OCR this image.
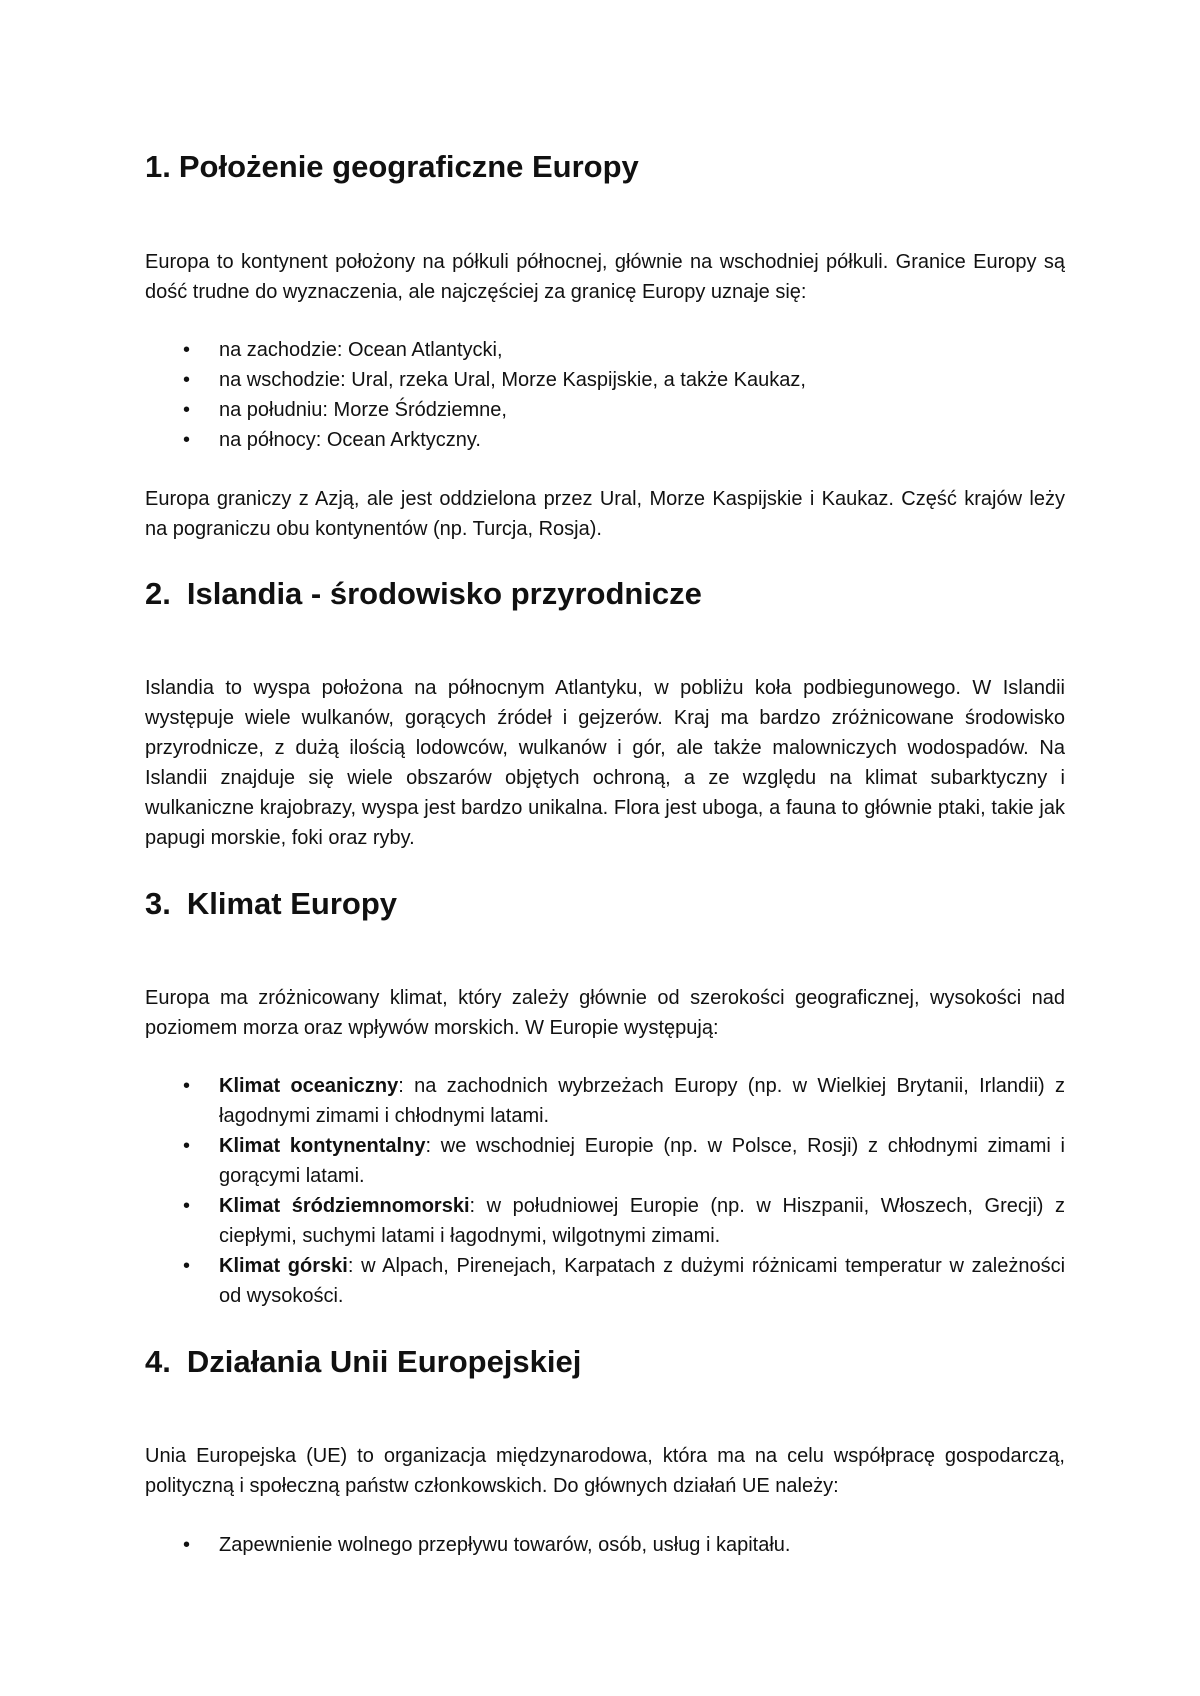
1. Położenie geograficzne Europy

Europa to kontynent położony na półkuli północnej, głównie na wschodniej półkuli. Granice Europy są dość trudne do wyznaczenia, ale najczęściej za granicę Europy uznaje się:

• na zachodzie: Ocean Atlantycki,
• na wschodzie: Ural, rzeka Ural, Morze Kaspijskie, a także Kaukaz,
• na południu: Morze Śródziemne,
• na północy: Ocean Arktyczny.

Europa graniczy z Azją, ale jest oddzielona przez Ural, Morze Kaspijskie i Kaukaz. Część krajów leży na pograniczu obu kontynentów (np. Turcja, Rosja).

2. Islandia - środowisko przyrodnicze

Islandia to wyspa położona na północnym Atlantyku, w pobliżu koła podbiegunowego. W Islandii występuje wiele wulkanów, gorących źródeł i gejzerów. Kraj ma bardzo zróżnicowane środowisko przyrodnicze, z dużą ilością lodowców, wulkanów i gór, ale także malowniczych wodospadów. Na Islandii znajduje się wiele obszarów objętych ochroną, a ze względu na klimat subarktyczny i wulkaniczne krajobrazy, wyspa jest bardzo unikalna. Flora jest uboga, a fauna to głównie ptaki, takie jak papugi morskie, foki oraz ryby.

3. Klimat Europy

Europa ma zróżnicowany klimat, który zależy głównie od szerokości geograficznej, wysokości nad poziomem morza oraz wpływów morskich. W Europie występują:

• Klimat oceaniczny: na zachodnich wybrzeżach Europy (np. w Wielkiej Brytanii, Irlandii) z łagodnymi zimami i chłodnymi latami.
• Klimat kontynentalny: we wschodniej Europie (np. w Polsce, Rosji) z chłodnymi zimami i gorącymi latami.
• Klimat śródziemnomorski: w południowej Europie (np. w Hiszpanii, Włoszech, Grecji) z ciepłymi, suchymi latami i łagodnymi, wilgotnymi zimami.
• Klimat górski: w Alpach, Pirenejach, Karpatach z dużymi różnicami temperatur w zależności od wysokości.
4. Działania Unii Europejskiej

Unia Europejska (UE) to organizacja międzynarodowa, która ma na celu współpracę gospodarczą, polityczną i społeczną państw członkowskich. Do głównych działań UE należy:

• Zapewnienie wolnego przepływu towarów, osób, usług i kapitału.
